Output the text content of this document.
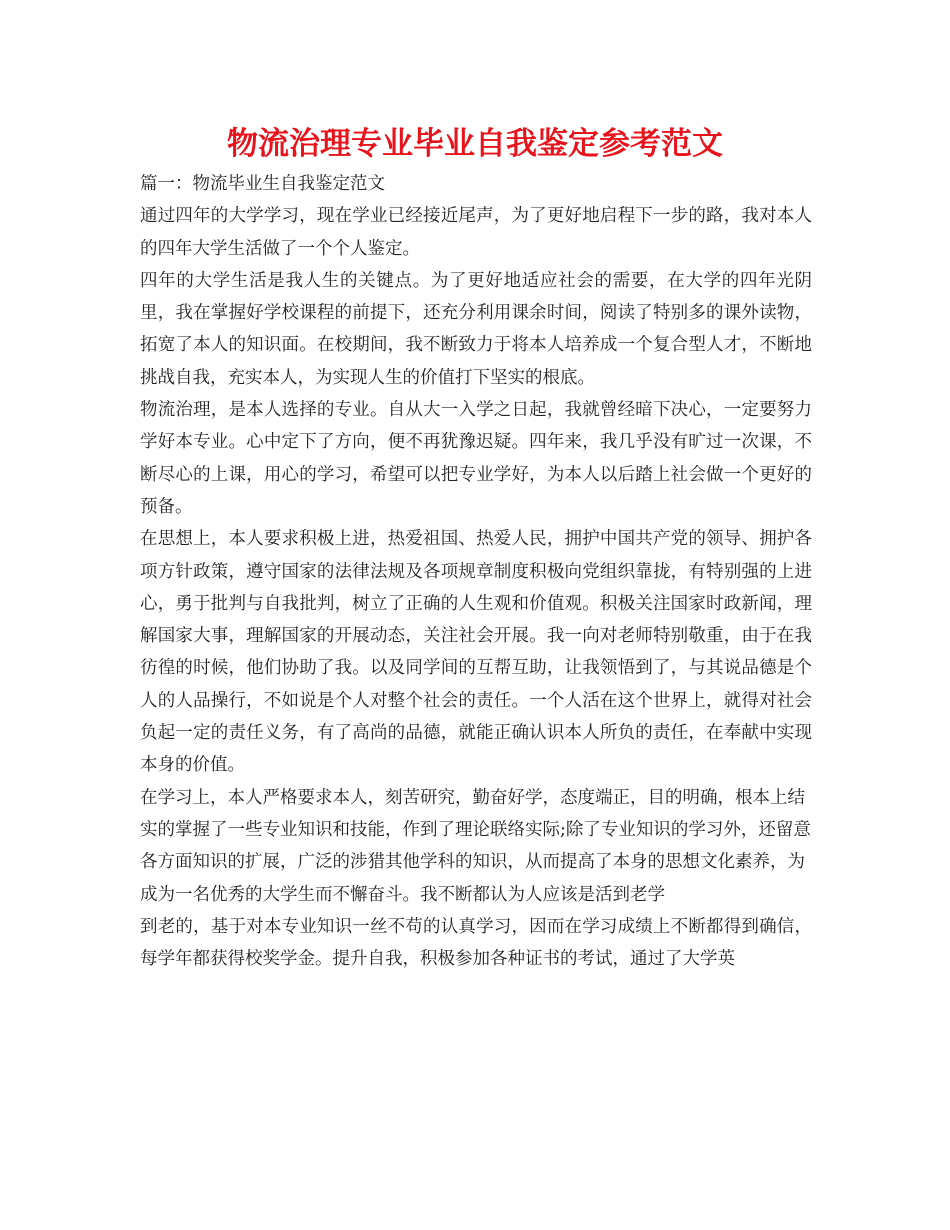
物流治理专业毕业自我鉴定参考范文

篇一：物流毕业生自我鉴定范文

通过四年的大学学习，现在学业已经接近尾声，为了更好地启程下一步的路，我对本人的四年大学生活做了一个个人鉴定。

四年的大学生活是我人生的关键点。为了更好地适应社会的需要，在大学的四年光阴里，我在掌握好学校课程的前提下，还充分利用课余时间，阅读了特别多的课外读物，拓宽了本人的知识面。在校期间，我不断致力于将本人培养成一个复合型人才，不断地挑战自我，充实本人，为实现人生的价值打下坚实的根底。

物流治理，是本人选择的专业。自从大一入学之日起，我就曾经暗下决心，一定要努力学好本专业。心中定下了方向，便不再犹豫迟疑。四年来，我几乎没有旷过一次课，不断尽心的上课，用心的学习，希望可以把专业学好，为本人以后踏上社会做一个更好的预备。

在思想上，本人要求积极上进，热爱祖国、热爱人民，拥护中国共产党的领导、拥护各项方针政策，遵守国家的法律法规及各项规章制度积极向党组织靠拢，有特别强的上进心，勇于批判与自我批判，树立了正确的人生观和价值观。积极关注国家时政新闻，理解国家大事，理解国家的开展动态，关注社会开展。我一向对老师特别敬重，由于在我彷徨的时候，他们协助了我。以及同学间的互帮互助，让我领悟到了，与其说品德是个人的人品操行，不如说是个人对整个社会的责任。一个人活在这个世界上，就得对社会负起一定的责任义务，有了高尚的品德，就能正确认识本人所负的责任，在奉献中实现本身的价值。

在学习上，本人严格要求本人，刻苦研究，勤奋好学，态度端正，目的明确，根本上结实的掌握了一些专业知识和技能，作到了理论联络实际;除了专业知识的学习外，还留意各方面知识的扩展，广泛的涉猎其他学科的知识，从而提高了本身的思想文化素养，为成为一名优秀的大学生而不懈奋斗。我不断都认为人应该是活到老学

到老的，基于对本专业知识一丝不苟的认真学习，因而在学习成绩上不断都得到确信，每学年都获得校奖学金。提升自我，积极参加各种证书的考试，通过了大学英
